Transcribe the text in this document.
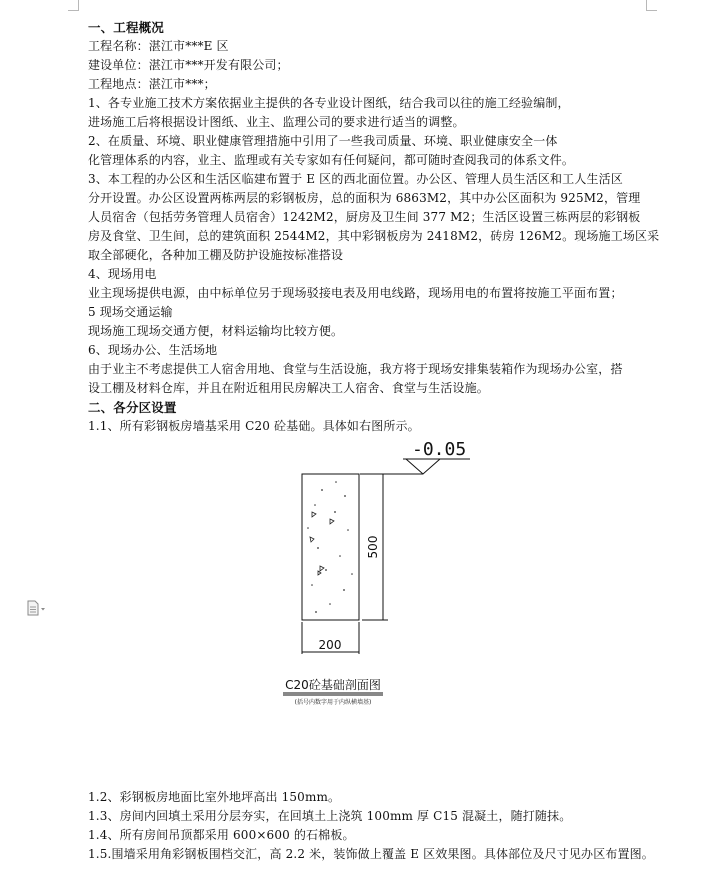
一、工程概况
工程名称：湛江市***E 区
建设单位：湛江市***开发有限公司；
工程地点：湛江市***；
1、各专业施工技术方案依据业主提供的各专业设计图纸，结合我司以往的施工经验编制，
进场施工后将根据设计图纸、业主、监理公司的要求进行适当的调整。
2、在质量、环境、职业健康管理措施中引用了一些我司质量、环境、职业健康安全一体
化管理体系的内容，业主、监理或有关专家如有任何疑问，都可随时查阅我司的体系文件。
3、本工程的办公区和生活区临建布置于 E 区的西北面位置。办公区、管理人员生活区和工人生活区
分开设置。办公区设置两栋两层的彩钢板房，总的面积为 6863M2，其中办公区面积为 925M2，管理
人员宿舍（包括劳务管理人员宿舍）1242M2，厨房及卫生间 377 M2；生活区设置三栋两层的彩钢板
房及食堂、卫生间，总的建筑面积 2544M2，其中彩钢板房为 2418M2，砖房 126M2。现场施工场区采
取全部硬化，各种加工棚及防护设施按标准搭设
4、现场用电
业主现场提供电源，由中标单位另于现场驳接电表及用电线路，现场用电的布置将按施工平面布置；
5 现场交通运输
现场施工现场交通方便，材料运输均比较方便。
6、现场办公、生活场地
由于业主不考虑提供工人宿舍用地、食堂与生活设施，我方将于现场安排集装箱作为现场办公室，搭
设工棚及材料仓库，并且在附近租用民房解决工人宿舍、食堂与生活设施。
二、各分区设置
1.1、所有彩钢板房墙基采用 C20 砼基础。具体如右图所示。
-0.05
500
200
C20砼基础剖面图
(括号内数字用于内纵横墙基)
1.2、彩钢板房地面比室外地坪高出 150mm。
1.3、房间内回填土采用分层夯实，在回填土上浇筑 100mm 厚 C15 混凝土，随打随抹。
1.4、所有房间吊顶都采用 600×600 的石棉板。
1.5.围墙采用角彩钢板围档交汇，高 2.2 米，装饰做上覆盖 E 区效果图。具体部位及尺寸见办区布置图。
